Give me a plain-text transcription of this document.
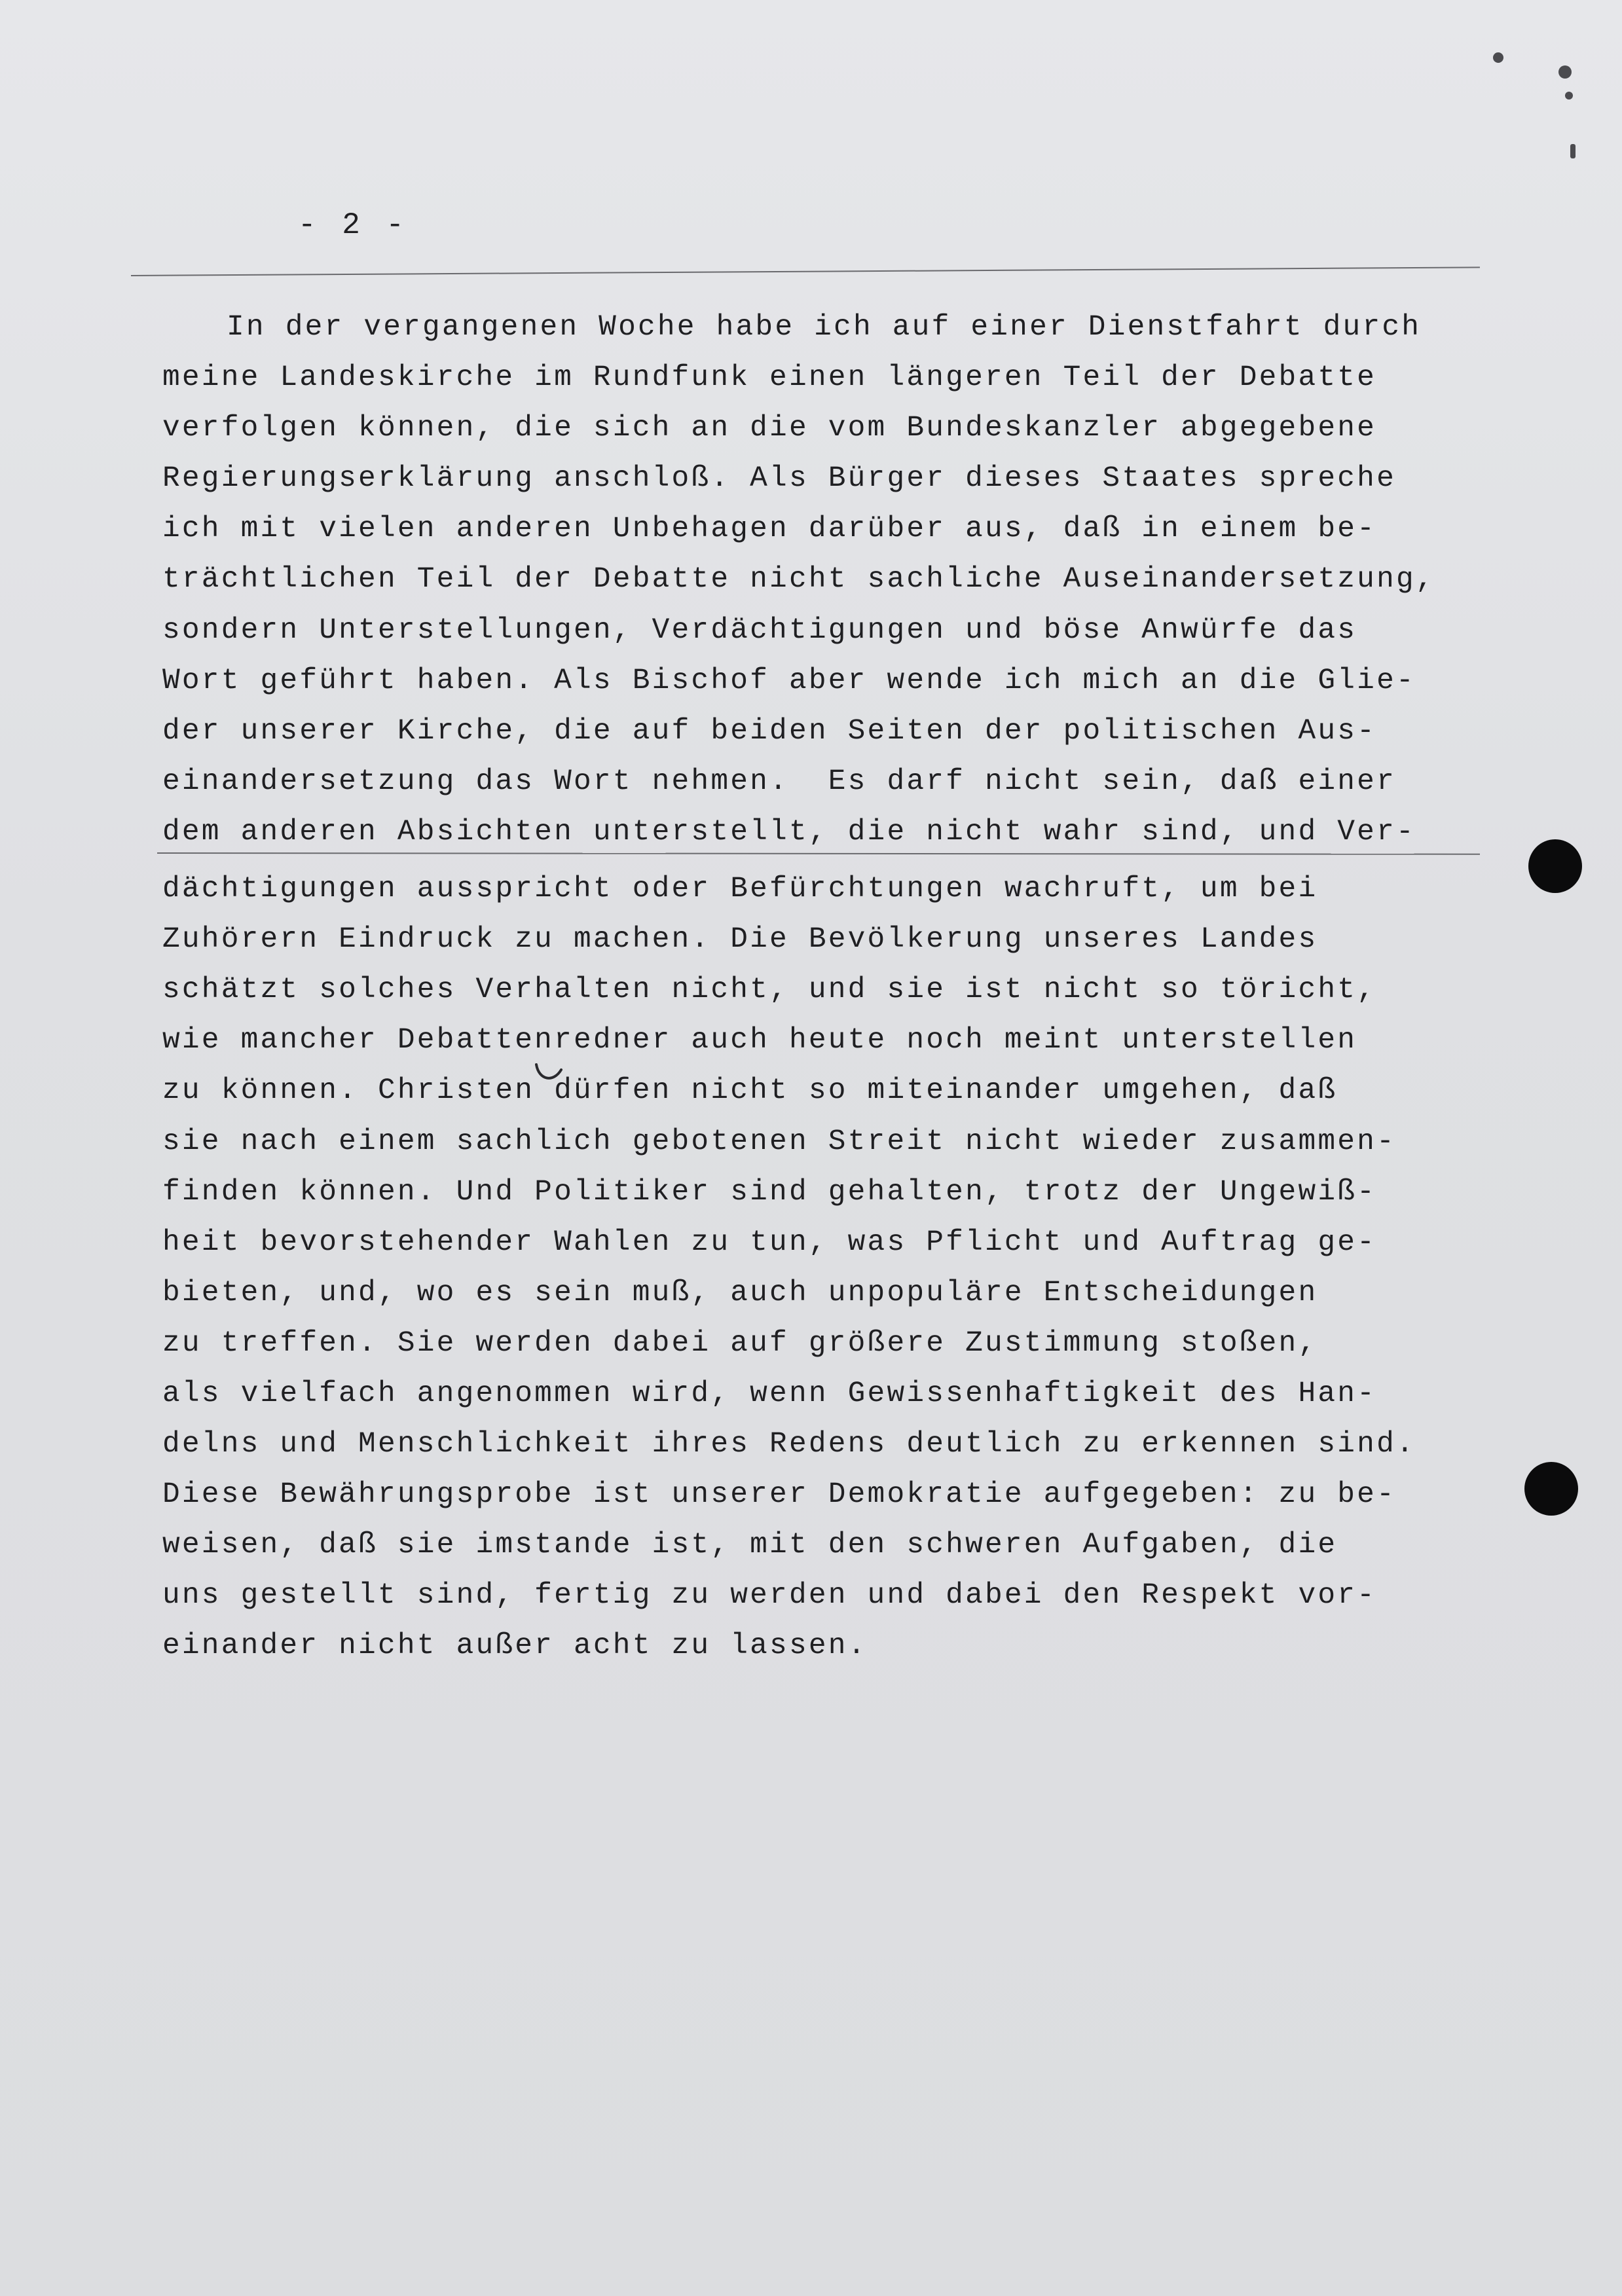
- 2 -
In der vergangenen Woche habe ich auf einer Dienstfahrt durch
meine Landeskirche im Rundfunk einen längeren Teil der Debatte
verfolgen können, die sich an die vom Bundeskanzler abgegebene
Regierungserklärung anschloß. Als Bürger dieses Staates spreche
ich mit vielen anderen Unbehagen darüber aus, daß in einem be-
trächtlichen Teil der Debatte nicht sachliche Auseinandersetzung,
sondern Unterstellungen, Verdächtigungen und böse Anwürfe das
Wort geführt haben. Als Bischof aber wende ich mich an die Glie-
der unserer Kirche, die auf beiden Seiten der politischen Aus-
einandersetzung das Wort nehmen.  Es darf nicht sein, daß einer
dem anderen Absichten unterstellt, die nicht wahr sind, und Ver-
dächtigungen ausspricht oder Befürchtungen wachruft, um bei
Zuhörern Eindruck zu machen. Die Bevölkerung unseres Landes
schätzt solches Verhalten nicht, und sie ist nicht so töricht,
wie mancher Debattenredner auch heute noch meint unterstellen
zu können. Christen dürfen nicht so miteinander umgehen, daß
sie nach einem sachlich gebotenen Streit nicht wieder zusammen-
finden können. Und Politiker sind gehalten, trotz der Ungewiß-
heit bevorstehender Wahlen zu tun, was Pflicht und Auftrag ge-
bieten, und, wo es sein muß, auch unpopuläre Entscheidungen
zu treffen. Sie werden dabei auf größere Zustimmung stoßen,
als vielfach angenommen wird, wenn Gewissenhaftigkeit des Han-
delns und Menschlichkeit ihres Redens deutlich zu erkennen sind.
Diese Bewährungsprobe ist unserer Demokratie aufgegeben: zu be-
weisen, daß sie imstande ist, mit den schweren Aufgaben, die
uns gestellt sind, fertig zu werden und dabei den Respekt vor-
einander nicht außer acht zu lassen.
